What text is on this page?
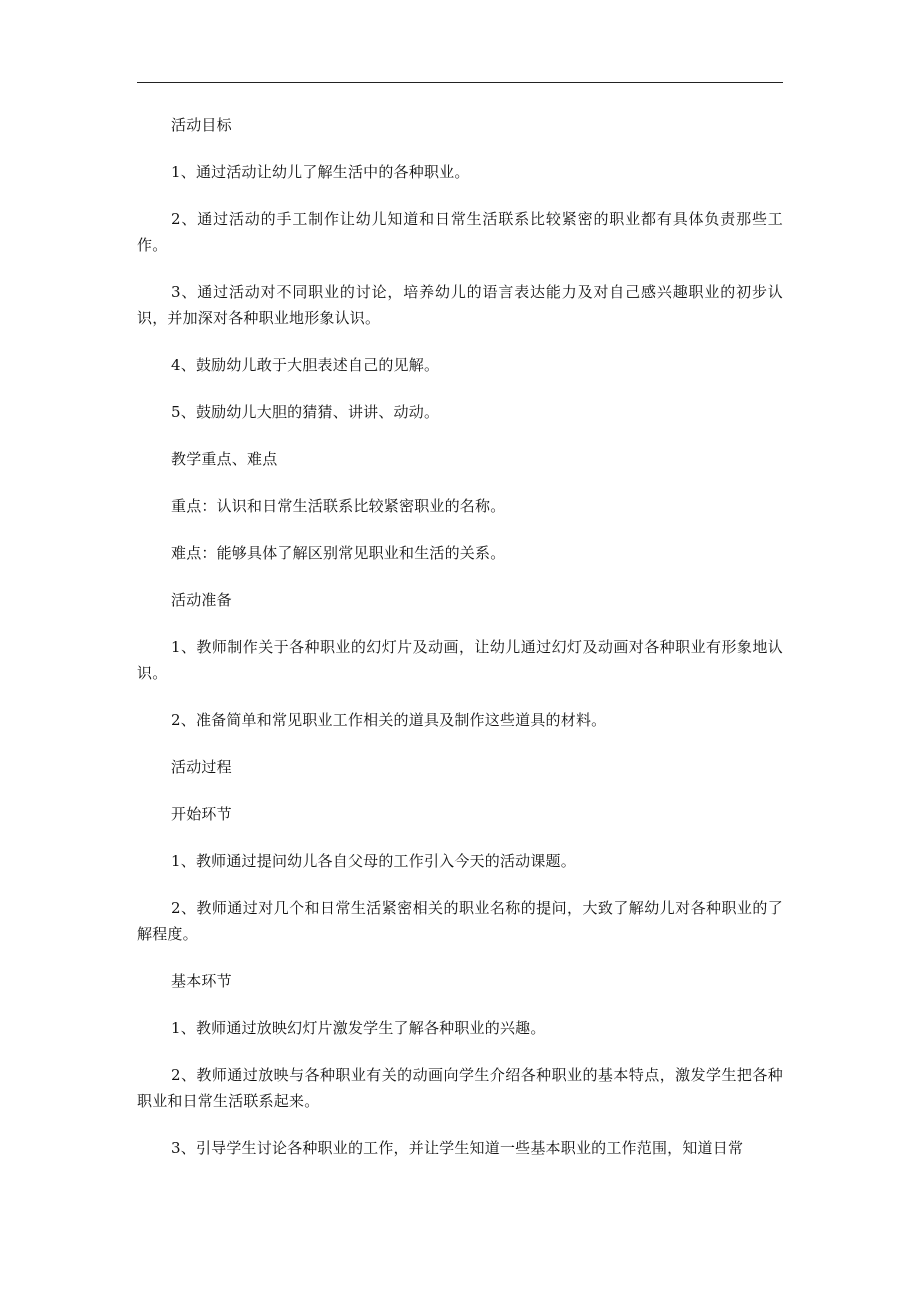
活动目标

1、通过活动让幼儿了解生活中的各种职业。

2、通过活动的手工制作让幼儿知道和日常生活联系比较紧密的职业都有具体负责那些工作。

3、通过活动对不同职业的讨论，培养幼儿的语言表达能力及对自己感兴趣职业的初步认识，并加深对各种职业地形象认识。

4、鼓励幼儿敢于大胆表述自己的见解。

5、鼓励幼儿大胆的猜猜、讲讲、动动。

教学重点、难点

重点：认识和日常生活联系比较紧密职业的名称。

难点：能够具体了解区别常见职业和生活的关系。

活动准备

1、教师制作关于各种职业的幻灯片及动画，让幼儿通过幻灯及动画对各种职业有形象地认识。

2、准备简单和常见职业工作相关的道具及制作这些道具的材料。

活动过程

开始环节

1、教师通过提问幼儿各自父母的工作引入今天的活动课题。

2、教师通过对几个和日常生活紧密相关的职业名称的提问，大致了解幼儿对各种职业的了解程度。

基本环节

1、教师通过放映幻灯片激发学生了解各种职业的兴趣。

2、教师通过放映与各种职业有关的动画向学生介绍各种职业的基本特点，激发学生把各种职业和日常生活联系起来。

3、引导学生讨论各种职业的工作，并让学生知道一些基本职业的工作范围，知道日常
